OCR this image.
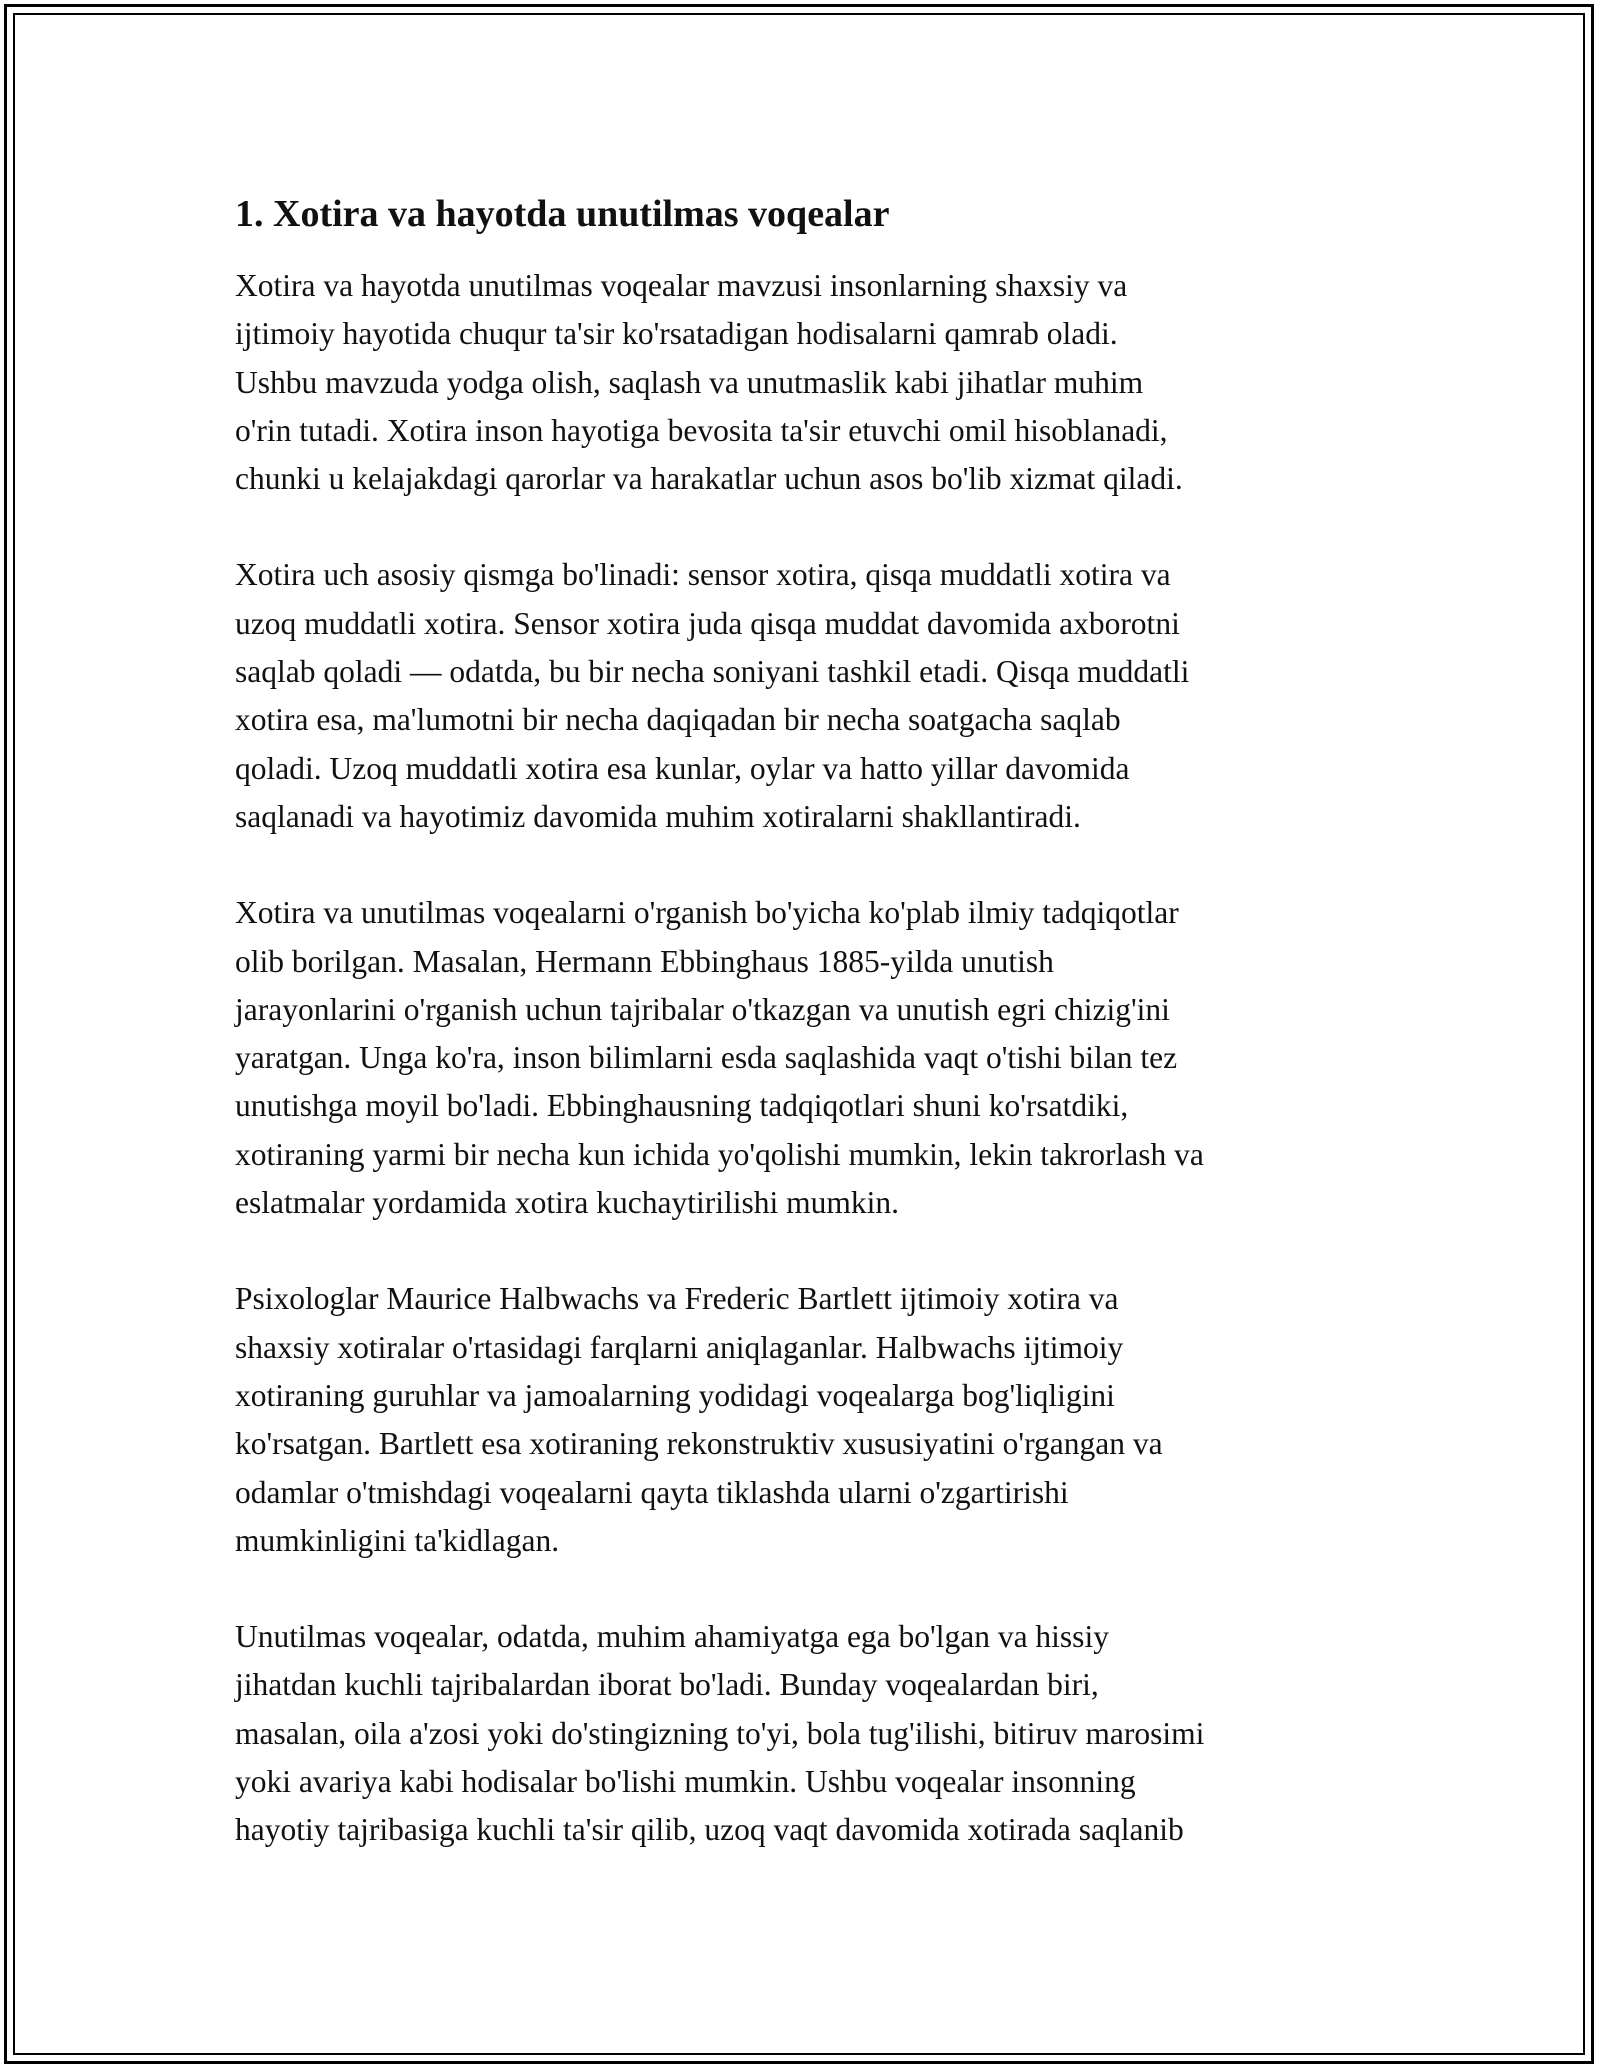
1. Xotira va hayotda unutilmas voqealar
Xotira va hayotda unutilmas voqealar mavzusi insonlarning shaxsiy va
ijtimoiy hayotida chuqur ta'sir ko'rsatadigan hodisalarni qamrab oladi.
Ushbu mavzuda yodga olish, saqlash va unutmaslik kabi jihatlar muhim
o'rin tutadi. Xotira inson hayotiga bevosita ta'sir etuvchi omil hisoblanadi,
chunki u kelajakdagi qarorlar va harakatlar uchun asos bo'lib xizmat qiladi.
Xotira uch asosiy qismga bo'linadi: sensor xotira, qisqa muddatli xotira va
uzoq muddatli xotira. Sensor xotira juda qisqa muddat davomida axborotni
saqlab qoladi — odatda, bu bir necha soniyani tashkil etadi. Qisqa muddatli
xotira esa, ma'lumotni bir necha daqiqadan bir necha soatgacha saqlab
qoladi. Uzoq muddatli xotira esa kunlar, oylar va hatto yillar davomida
saqlanadi va hayotimiz davomida muhim xotiralarni shakllantiradi.
Xotira va unutilmas voqealarni o'rganish bo'yicha ko'plab ilmiy tadqiqotlar
olib borilgan. Masalan, Hermann Ebbinghaus 1885-yilda unutish
jarayonlarini o'rganish uchun tajribalar o'tkazgan va unutish egri chizig'ini
yaratgan. Unga ko'ra, inson bilimlarni esda saqlashida vaqt o'tishi bilan tez
unutishga moyil bo'ladi. Ebbinghausning tadqiqotlari shuni ko'rsatdiki,
xotiraning yarmi bir necha kun ichida yo'qolishi mumkin, lekin takrorlash va
eslatmalar yordamida xotira kuchaytirilishi mumkin.
Psixologlar Maurice Halbwachs va Frederic Bartlett ijtimoiy xotira va
shaxsiy xotiralar o'rtasidagi farqlarni aniqlaganlar. Halbwachs ijtimoiy
xotiraning guruhlar va jamoalarning yodidagi voqealarga bog'liqligini
ko'rsatgan. Bartlett esa xotiraning rekonstruktiv xususiyatini o'rgangan va
odamlar o'tmishdagi voqealarni qayta tiklashda ularni o'zgartirishi
mumkinligini ta'kidlagan.
Unutilmas voqealar, odatda, muhim ahamiyatga ega bo'lgan va hissiy
jihatdan kuchli tajribalardan iborat bo'ladi. Bunday voqealardan biri,
masalan, oila a'zosi yoki do'stingizning to'yi, bola tug'ilishi, bitiruv marosimi
yoki avariya kabi hodisalar bo'lishi mumkin. Ushbu voqealar insonning
hayotiy tajribasiga kuchli ta'sir qilib, uzoq vaqt davomida xotirada saqlanib
